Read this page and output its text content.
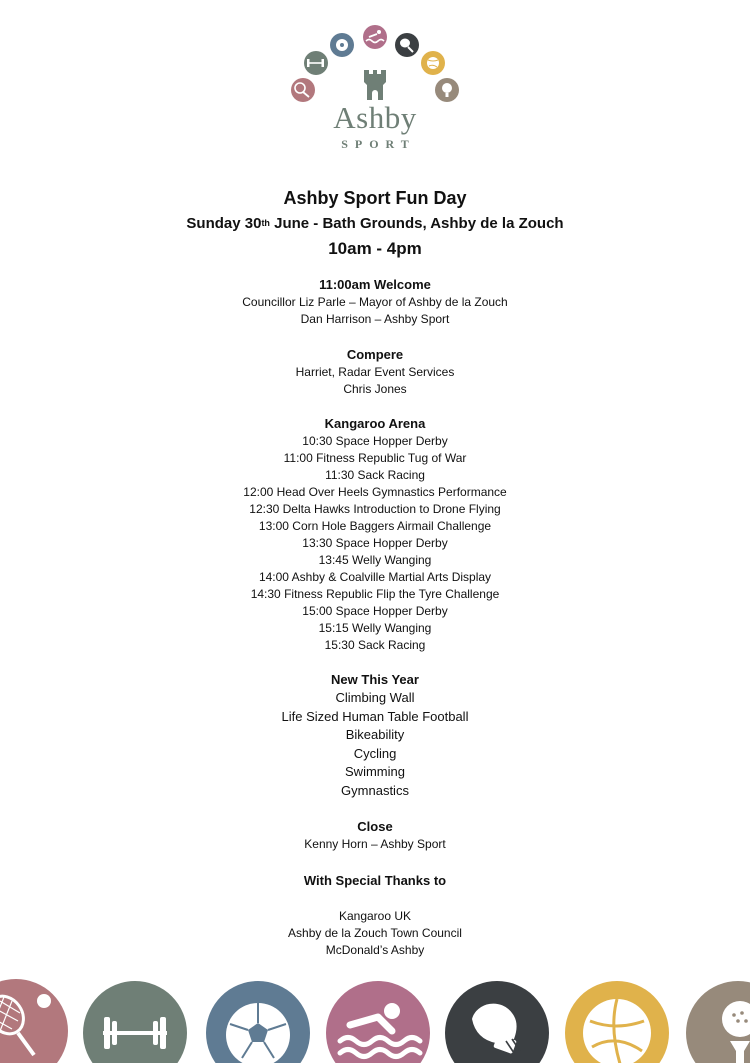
Ashby
SPORT
Ashby Sport Fun Day
Sunday 30th June - Bath Grounds, Ashby de la Zouch
10am - 4pm
11:00am Welcome
Councillor Liz Parle – Mayor of Ashby de la Zouch
Dan Harrison – Ashby Sport
Compere
Harriet, Radar Event Services
Chris Jones
Kangaroo Arena
10:30 Space Hopper Derby
11:00 Fitness Republic Tug of War
11:30 Sack Racing
12:00 Head Over Heels Gymnastics Performance
12:30 Delta Hawks Introduction to Drone Flying
13:00 Corn Hole Baggers Airmail Challenge
13:30 Space Hopper Derby
13:45 Welly Wanging
14:00 Ashby & Coalville Martial Arts Display
14:30 Fitness Republic Flip the Tyre Challenge
15:00 Space Hopper Derby
15:15 Welly Wanging
15:30 Sack Racing
New This Year
Climbing Wall
Life Sized Human Table Football
Bikeability
Cycling
Swimming
Gymnastics
Close
Kenny Horn – Ashby Sport
With Special Thanks to
Kangaroo UK
Ashby de la Zouch Town Council
McDonald’s Ashby
